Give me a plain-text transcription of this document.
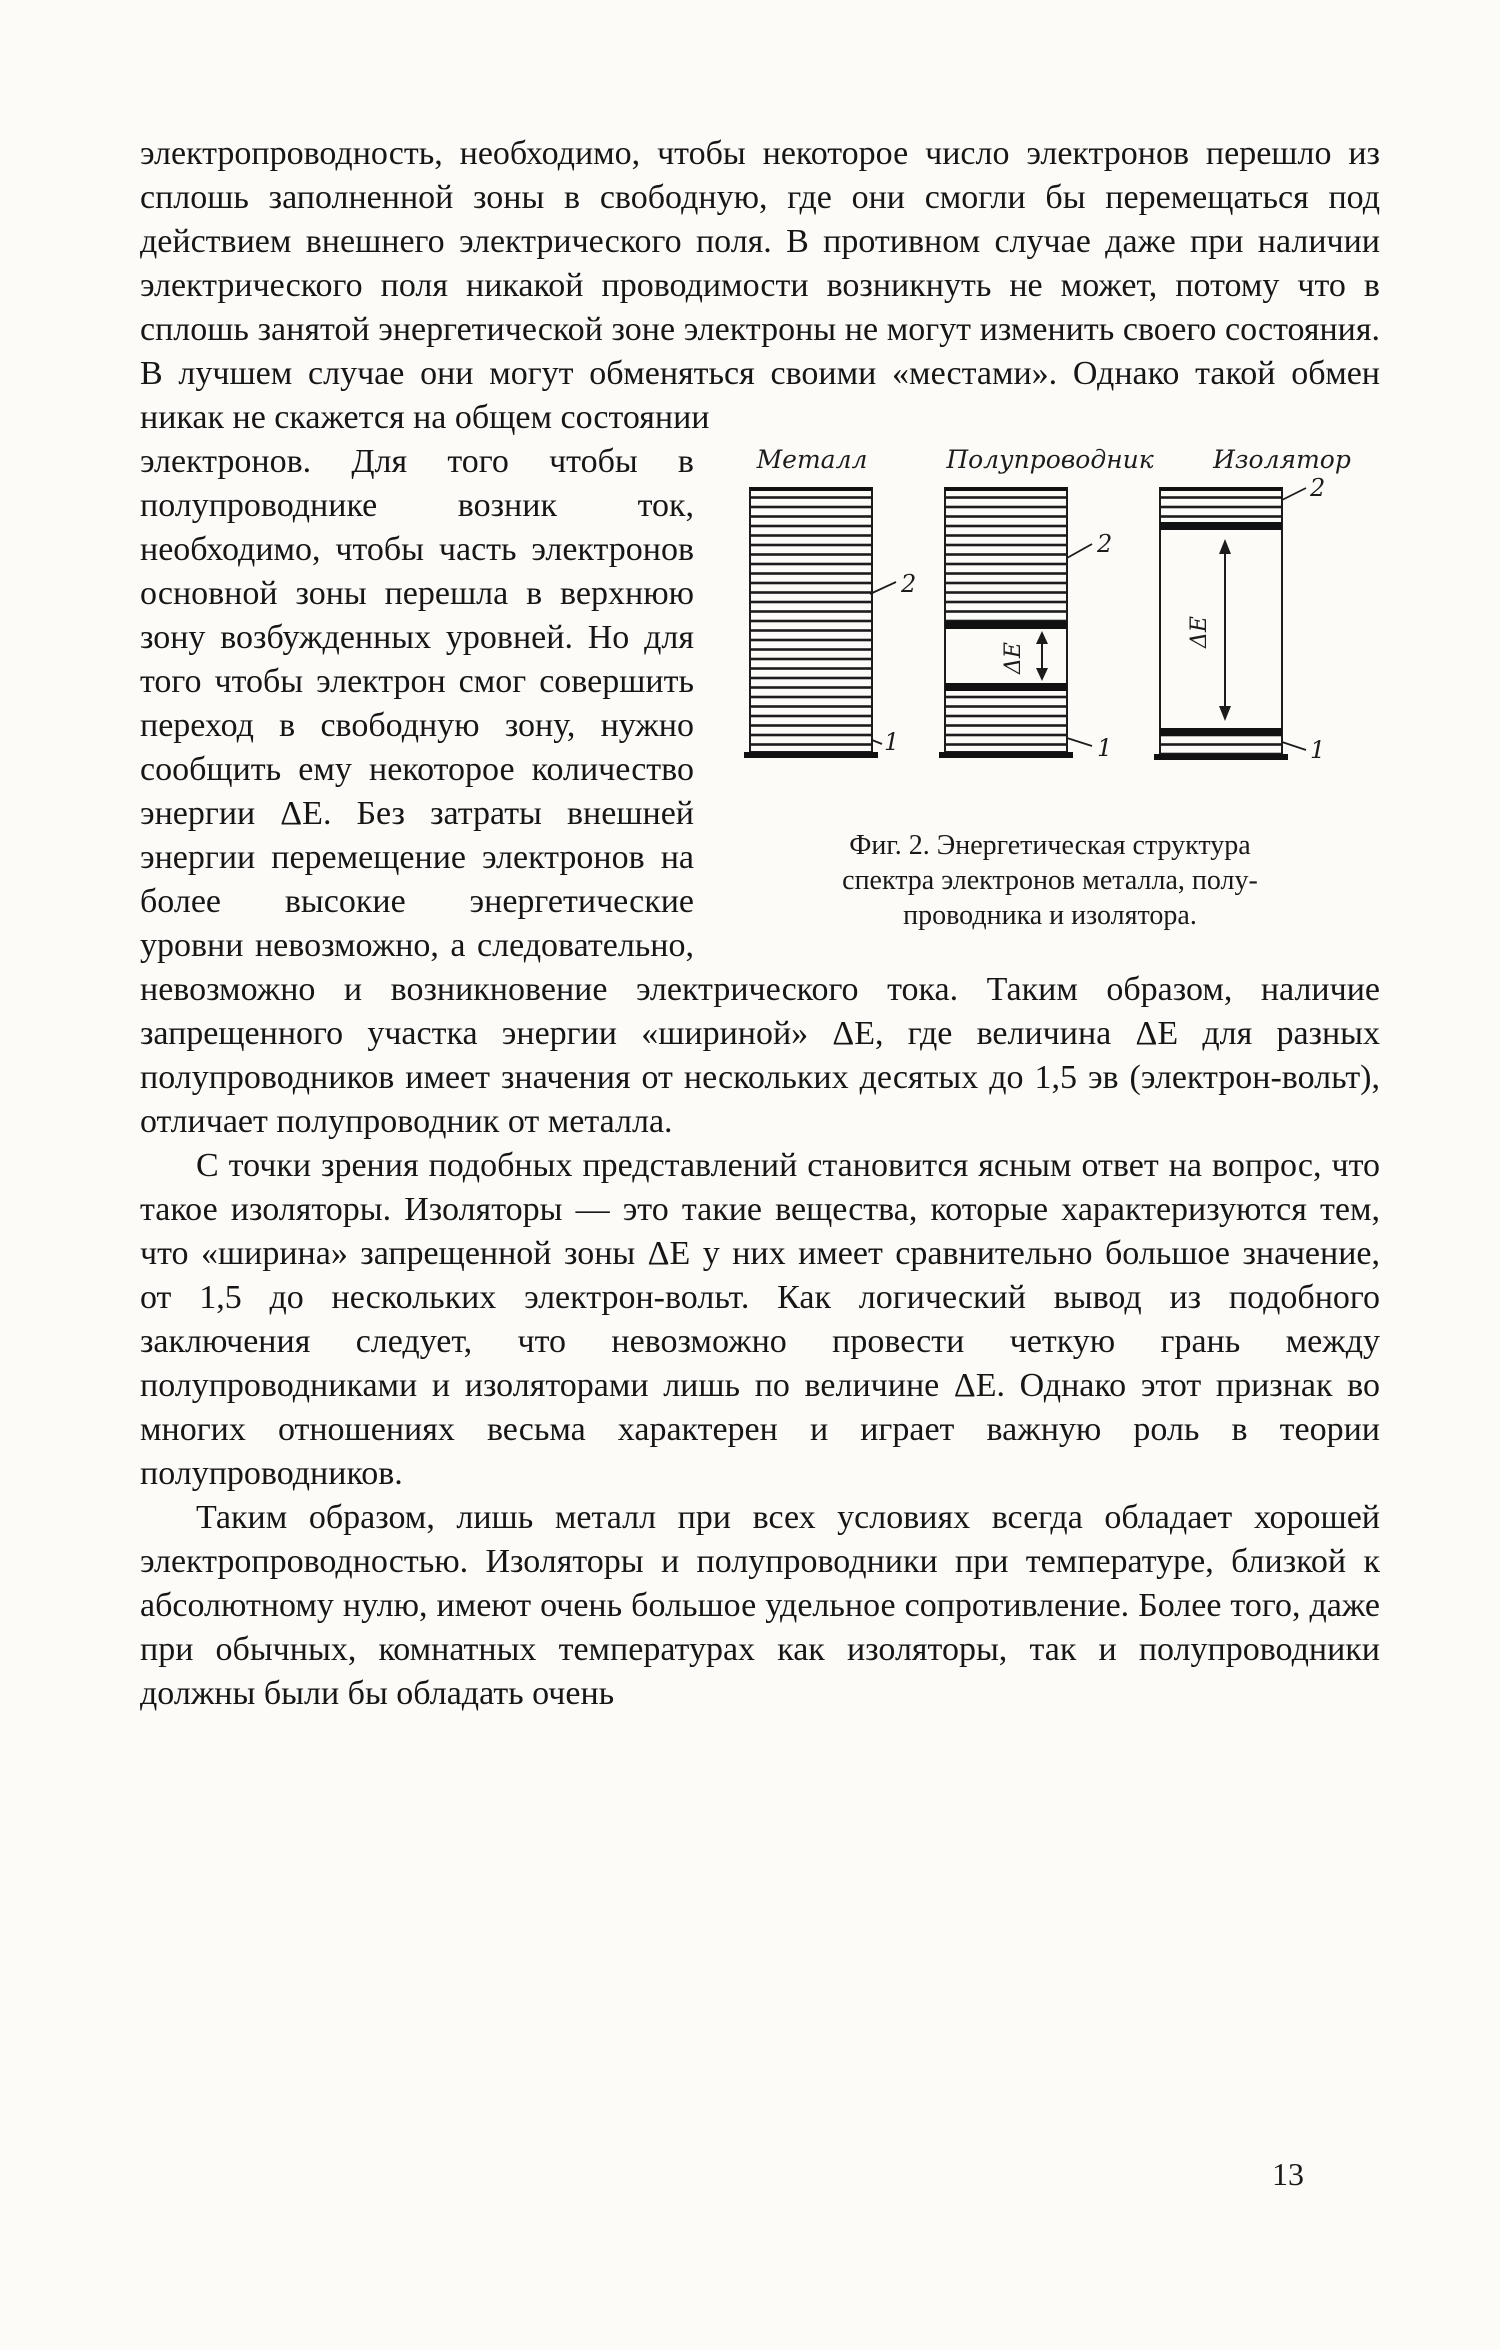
электропроводность, необходимо, чтобы некоторое число электронов перешло из сплошь заполненной зоны в свободную, где они смогли бы перемещаться под действием внешнего электрического поля. В противном случае даже при наличии электрического поля никакой проводимости возникнуть не может, потому что в сплошь занятой энергетической зоне электроны не могут изменить своего состояния. В лучшем случае они могут обменяться своими «местами». Однако такой обмен никак не скажется на общем состоянии

Металл	Полупроводник Изолятор
2
1
ΔE
2
1
ΔE
2
1
Фиг. 2. Энергетическая структура
спектра электронов металла, полу-
проводника и изолятора.

электронов. Для того чтобы в полупроводнике возник ток, необходимо, чтобы часть электронов основной зоны перешла в верхнюю зону возбужденных уровней. Но для того чтобы электрон смог совершить переход в свободную зону, нужно сообщить ему некоторое количество энергии ΔE. Без затраты внешней энергии перемещение электронов на более высокие энергетические уровни невозможно, а следовательно, невозможно и возникновение электрического тока. Таким образом, наличие запрещенного участка энергии «шириной» ΔE, где величина ΔE для разных полупроводников имеет значения от нескольких десятых до 1,5 эв (электрон-вольт), отличает полупроводник от металла.

С точки зрения подобных представлений становится ясным ответ на вопрос, что такое изоляторы. Изоляторы — это такие вещества, которые характеризуются тем, что «ширина» запрещенной зоны ΔE у них имеет сравнительно большое значение, от 1,5 до нескольких электрон-вольт. Как логический вывод из подобного заключения следует, что невозможно провести четкую грань между полупроводниками и изоляторами лишь по величине ΔE. Однако этот признак во многих отношениях весьма характерен и играет важную роль в теории полупроводников.

Таким образом, лишь металл при всех условиях всегда обладает хорошей электропроводностью. Изоляторы и полупроводники при температуре, близкой к абсолютному нулю, имеют очень большое удельное сопротивление. Более того, даже при обычных, комнатных температурах как изоляторы, так и полупроводники должны были бы обладать очень

13
